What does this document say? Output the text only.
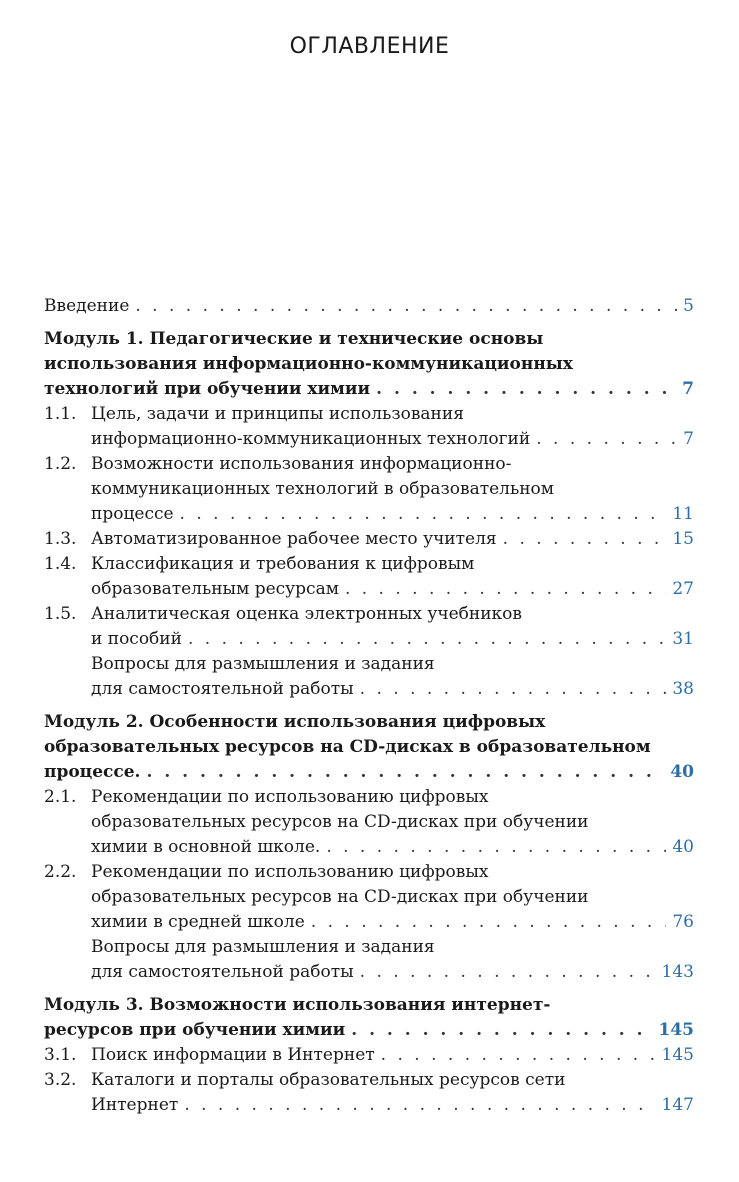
ОГЛАВЛЕНИЕ
Введение . . .	5
Модуль 1. Педагогические и технические основы
использования информационно-коммуникационных
технологий при обучении химии . . .	7
1.1. Цель, задачи и принципы использования
информационно-коммуникационных технологий . . .	7
1.2. Возможности использования информационно-
коммуникационных технологий в образовательном
процессе . . .	11
1.3. Автоматизированное рабочее место учителя . . .	15
1.4. Классификация и требования к цифровым
образовательным ресурсам . . .	27
1.5. Аналитическая оценка электронных учебников
и пособий . . .	31
Вопросы для размышления и задания
для самостоятельной работы . . .	38
Модуль 2. Особенности использования цифровых
образовательных ресурсов на CD-дисках в образовательном
процессе. . . .	40
2.1. Рекомендации по использованию цифровых
образовательных ресурсов на CD-дисках при обучении
химии в основной школе. . . .	40
2.2. Рекомендации по использованию цифровых
образовательных ресурсов на CD-дисках при обучении
химии в средней школе . . .	76
Вопросы для размышления и задания
для самостоятельной работы . . .	143
Модуль 3. Возможности использования интернет-
ресурсов при обучении химии . . .	145
3.1. Поиск информации в Интернет . . .	145
3.2. Каталоги и порталы образовательных ресурсов сети
Интернет . . .	147
